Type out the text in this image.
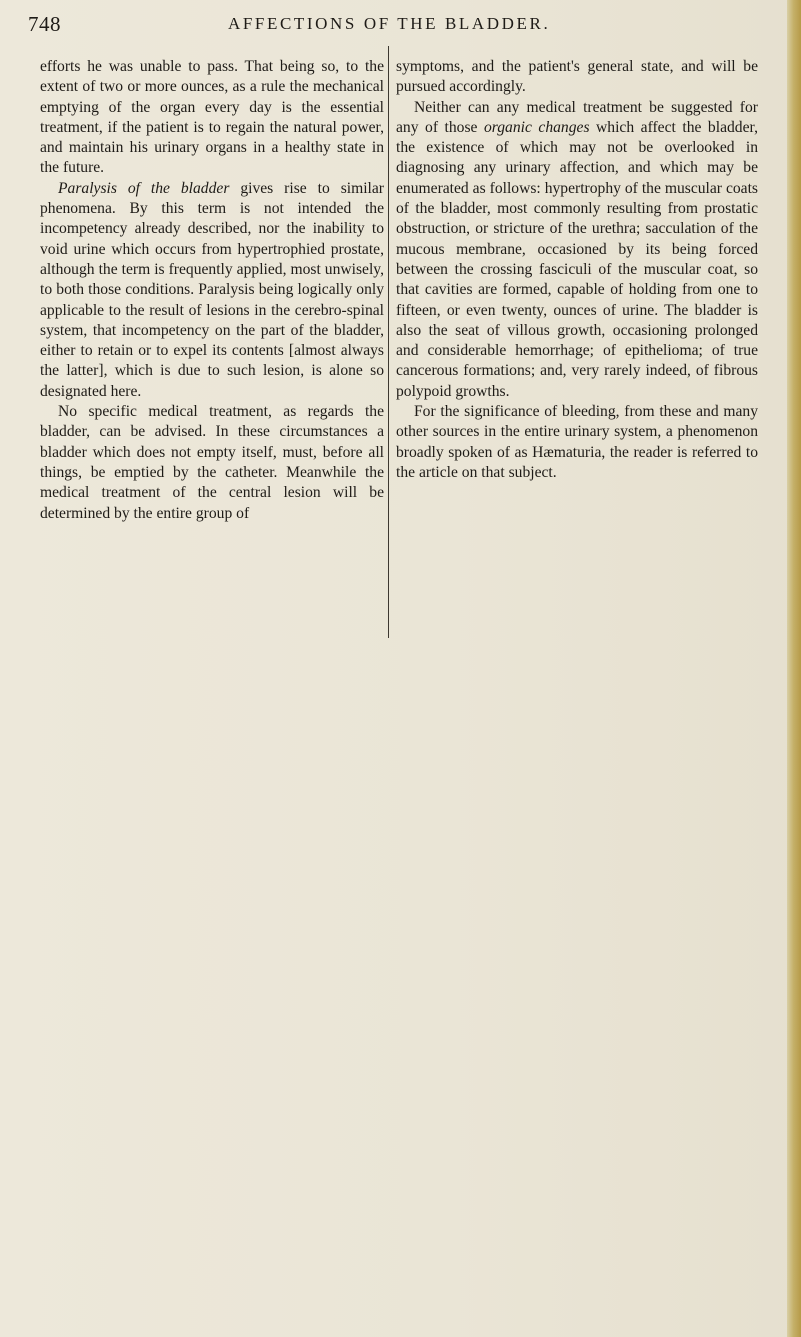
748	AFFECTIONS OF THE BLADDER.

efforts he was unable to pass. That being so, to the extent of two or more ounces, as a rule the mechanical emptying of the organ every day is the essential treatment, if the patient is to regain the natural power, and maintain his urinary organs in a healthy state in the future.

Paralysis of the bladder gives rise to similar phenomena. By this term is not intended the incompetency already described, nor the inability to void urine which occurs from hypertrophied prostate, although the term is frequently applied, most unwisely, to both those conditions. Paralysis being logically only applicable to the result of lesions in the cerebro-spinal system, that incompetency on the part of the bladder, either to retain or to expel its contents [almost always the latter], which is due to such lesion, is alone so designated here.

No specific medical treatment, as regards the bladder, can be advised. In these circumstances a bladder which does not empty itself, must, before all things, be emptied by the catheter. Meanwhile the medical treatment of the central lesion will be determined by the entire group of

symptoms, and the patient's general state, and will be pursued accordingly.

Neither can any medical treatment be suggested for any of those organic changes which affect the bladder, the existence of which may not be overlooked in diagnosing any urinary affection, and which may be enumerated as follows: hypertrophy of the muscular coats of the bladder, most commonly resulting from prostatic obstruction, or stricture of the urethra; sacculation of the mucous membrane, occasioned by its being forced between the crossing fasciculi of the muscular coat, so that cavities are formed, capable of holding from one to fifteen, or even twenty, ounces of urine. The bladder is also the seat of villous growth, occasioning prolonged and considerable hemorrhage; of epithelioma; of true cancerous formations; and, very rarely indeed, of fibrous polypoid growths.

For the significance of bleeding, from these and many other sources in the entire urinary system, a phenomenon broadly spoken of as Hæmaturia, the reader is referred to the article on that subject.
